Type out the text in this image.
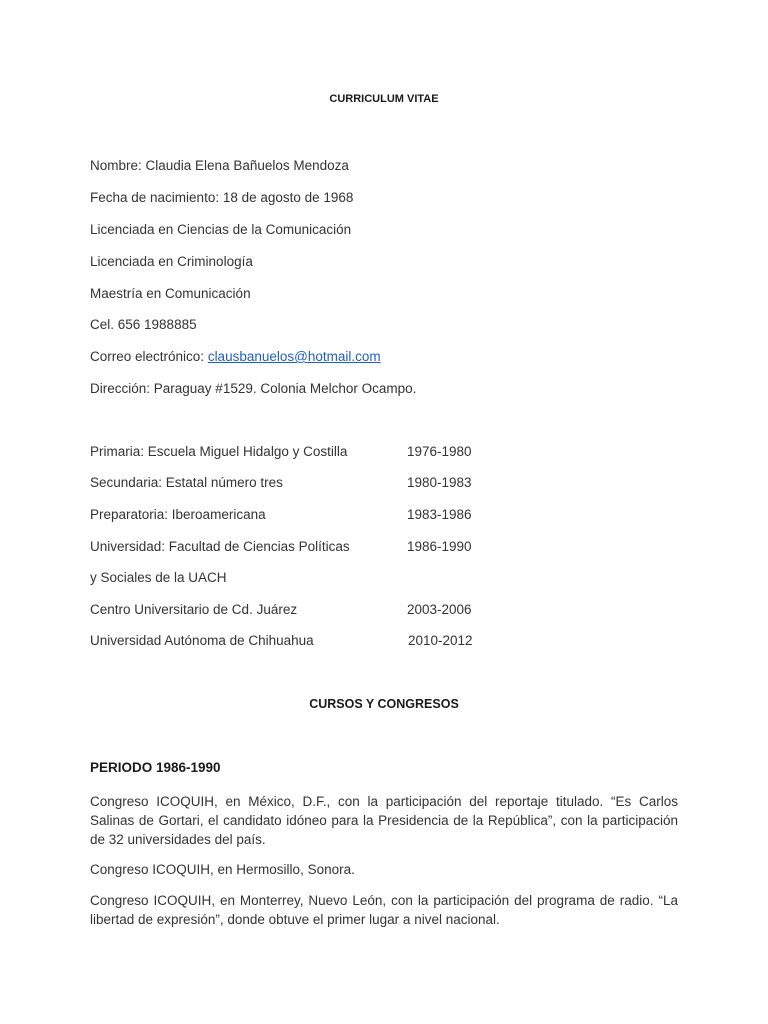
CURRICULUM VITAE
Nombre: Claudia Elena Bañuelos Mendoza
Fecha de nacimiento: 18 de agosto de 1968
Licenciada en Ciencias de la Comunicación
Licenciada en Criminología
Maestría en Comunicación
Cel. 656 1988885
Correo electrónico: clausbanuelos@hotmail.com
Dirección: Paraguay #1529. Colonia Melchor Ocampo.
Primaria: Escuela Miguel Hidalgo y Costilla	1976-1980
Secundaria: Estatal número tres	1980-1983
Preparatoria: Iberoamericana	1983-1986
Universidad: Facultad de Ciencias Políticas	1986-1990
y Sociales de la UACH
Centro Universitario de Cd. Juárez	2003-2006
Universidad Autónoma de Chihuahua	2010-2012
CURSOS Y CONGRESOS
PERIODO 1986-1990
Congreso ICOQUIH, en México, D.F., con la participación del reportaje titulado. “Es Carlos Salinas de Gortari, el candidato idóneo para la Presidencia de la República”, con la participación de 32 universidades del país.
Congreso ICOQUIH, en Hermosillo, Sonora.
Congreso ICOQUIH, en Monterrey, Nuevo León, con la participación del programa de radio. “La libertad de expresión”, donde obtuve el primer lugar a nivel nacional.
